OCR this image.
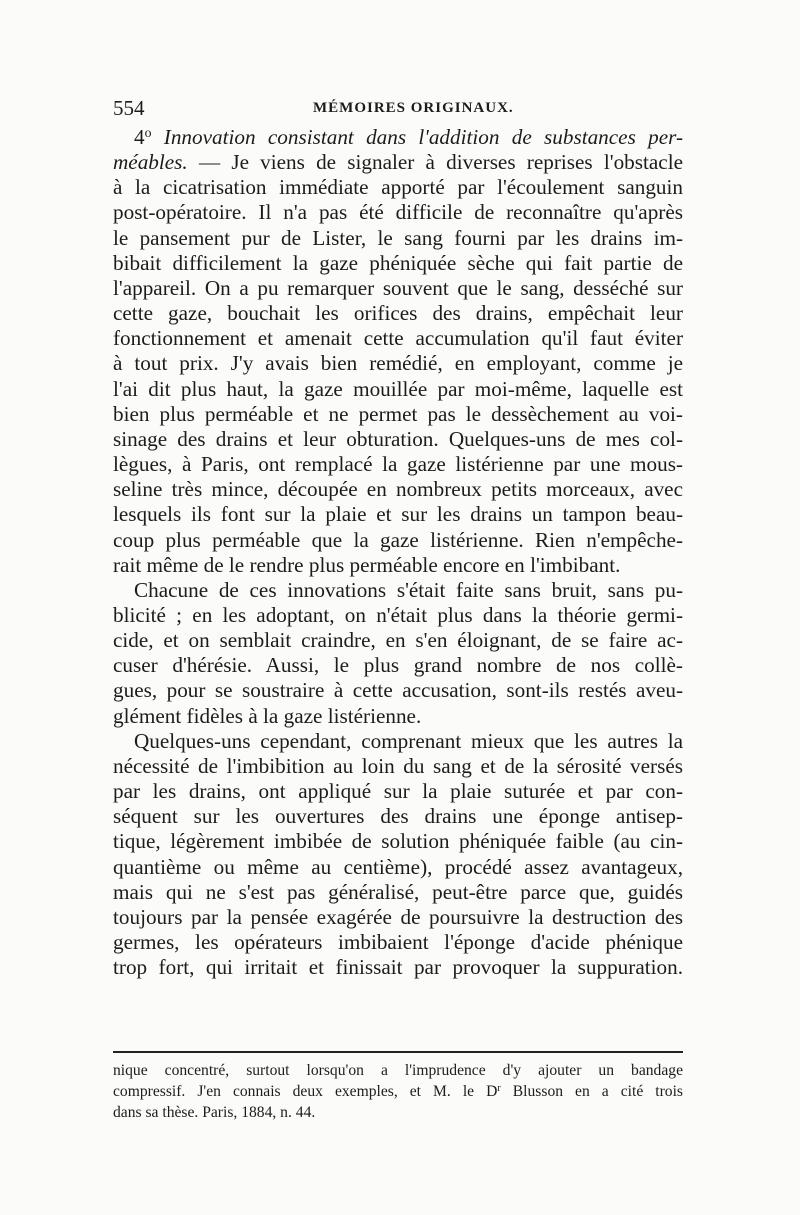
554	MÉMOIRES ORIGINAUX.
4$^o$ Innovation consistant dans l'addition de substances per-
méables. — Je viens de signaler à diverses reprises l'obstacle
à la cicatrisation immédiate apporté par l'écoulement sanguin
post-opératoire. Il n'a pas été difficile de reconnaître qu'après
le pansement pur de Lister, le sang fourni par les drains im-
bibait difficilement la gaze phéniquée sèche qui fait partie de
l'appareil. On a pu remarquer souvent que le sang, desséché sur
cette gaze, bouchait les orifices des drains, empêchait leur
fonctionnement et amenait cette accumulation qu'il faut éviter
à tout prix. J'y avais bien remédié, en employant, comme je
l'ai dit plus haut, la gaze mouillée par moi-même, laquelle est
bien plus perméable et ne permet pas le dessèchement au voi-
sinage des drains et leur obturation. Quelques-uns de mes col-
lègues, à Paris, ont remplacé la gaze listérienne par une mous-
seline très mince, découpée en nombreux petits morceaux, avec
lesquels ils font sur la plaie et sur les drains un tampon beau-
coup plus perméable que la gaze listérienne. Rien n'empêche-
rait même de le rendre plus perméable encore en l'imbibant.
Chacune de ces innovations s'était faite sans bruit, sans pu-
blicité ; en les adoptant, on n'était plus dans la théorie germi-
cide, et on semblait craindre, en s'en éloignant, de se faire ac-
cuser d'hérésie. Aussi, le plus grand nombre de nos collè-
gues, pour se soustraire à cette accusation, sont-ils restés aveu-
glément fidèles à la gaze listérienne.
Quelques-uns cependant, comprenant mieux que les autres la
nécessité de l'imbibition au loin du sang et de la sérosité versés
par les drains, ont appliqué sur la plaie suturée et par con-
séquent sur les ouvertures des drains une éponge antisep-
tique, légèrement imbibée de solution phéniquée faible (au cin-
quantième ou même au centième), procédé assez avantageux,
mais qui ne s'est pas généralisé, peut-être parce que, guidés
toujours par la pensée exagérée de poursuivre la destruction des
germes, les opérateurs imbibaient l'éponge d'acide phénique
trop fort, qui irritait et finissait par provoquer la suppuration.
nique concentré, surtout lorsqu'on a l'imprudence d'y ajouter un bandage
compressif. J'en connais deux exemples, et M. le $D^r$ Blusson en a cité trois
dans sa thèse. Paris, 1884, n. 44.
